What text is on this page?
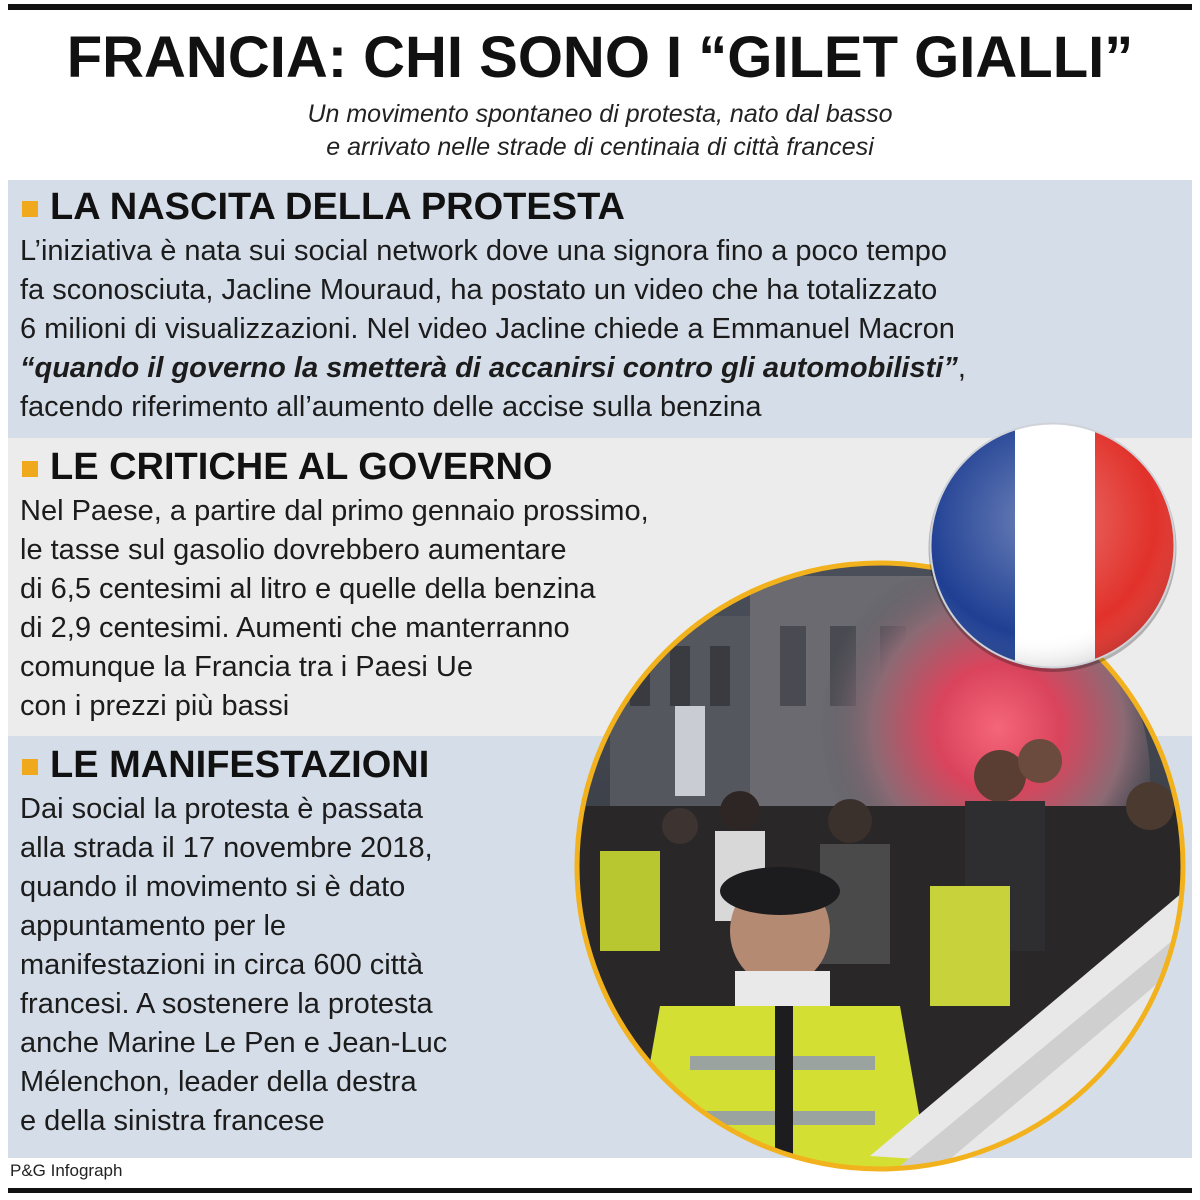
FRANCIA: CHI SONO I “GILET GIALLI”
Un movimento spontaneo di protesta, nato dal basso
e arrivato nelle strade di centinaia di città francesi
LA NASCITA DELLA PROTESTA
L’iniziativa è nata sui social network dove una signora fino a poco tempo
fa sconosciuta, Jacline Mouraud, ha postato un video che ha totalizzato
6 milioni di visualizzazioni. Nel video Jacline chiede a Emmanuel Macron
“quando il governo la smetterà di accanirsi contro gli automobilisti”,
facendo riferimento all’aumento delle accise sulla benzina
LE CRITICHE AL GOVERNO
Nel Paese, a partire dal primo gennaio prossimo,
le tasse sul gasolio dovrebbero aumentare
di 6,5 centesimi al litro e quelle della benzina
di 2,9 centesimi. Aumenti che manterranno
comunque la Francia tra i Paesi Ue
con i prezzi più bassi
LE MANIFESTAZIONI
Dai social la protesta è passata
alla strada il 17 novembre 2018,
quando il movimento si è dato
appuntamento per le
manifestazioni in circa 600 città
francesi. A sostenere la protesta
anche Marine Le Pen e Jean-Luc
Mélenchon, leader della destra
e della sinistra francese
P&G Infograph
